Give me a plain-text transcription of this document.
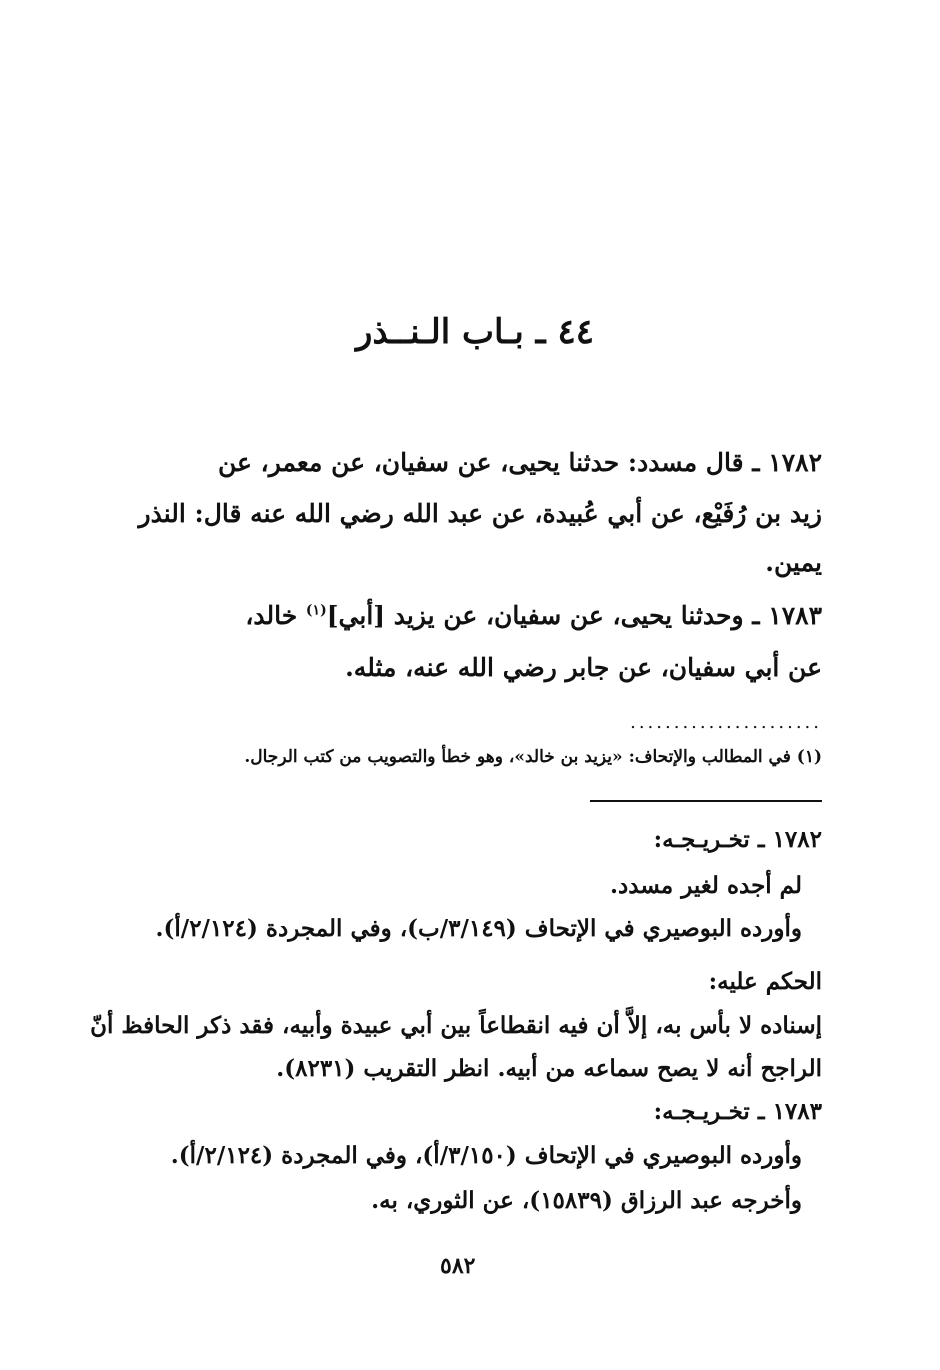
٤٤ ـ بـاب الـنــذر
١٧٨٢ ـ قال مسدد: حدثنا يحيى، عن سفيان، عن معمر، عن
زيد بن رُفَيْع، عن أبي عُبيدة، عن عبد الله رضي الله عنه قال: النذر
يمين.
١٧٨٣ ـ وحدثنا يحيى، عن سفيان، عن يزيد [أبي]$^{(١)}$ خالد،
عن أبي سفيان، عن جابر رضي الله عنه، مثله.
......................
(١) في المطالب والإتحاف: «يزيد بن خالد»، وهو خطأ والتصويب من كتب الرجال.
١٧٨٢ ـ تخـريـجـه:
لم أجده لغير مسدد.
وأورده البوصيري في الإتحاف (٣/١٤٩/ب)، وفي المجردة (٢/١٢٤/أ).
الحكم عليه:
إسناده لا بأس به، إلاَّ أن فيه انقطاعاً بين أبي عبيدة وأبيه، فقد ذكر الحافظ أنّ
الراجح أنه لا يصح سماعه من أبيه. انظر التقريب (٨٢٣١).
١٧٨٣ ـ تخـريـجـه:
وأورده البوصيري في الإتحاف (٣/١٥٠/أ)، وفي المجردة (٢/١٢٤/أ).
وأخرجه عبد الرزاق (١٥٨٣٩)، عن الثوري، به.
٥٨٢
